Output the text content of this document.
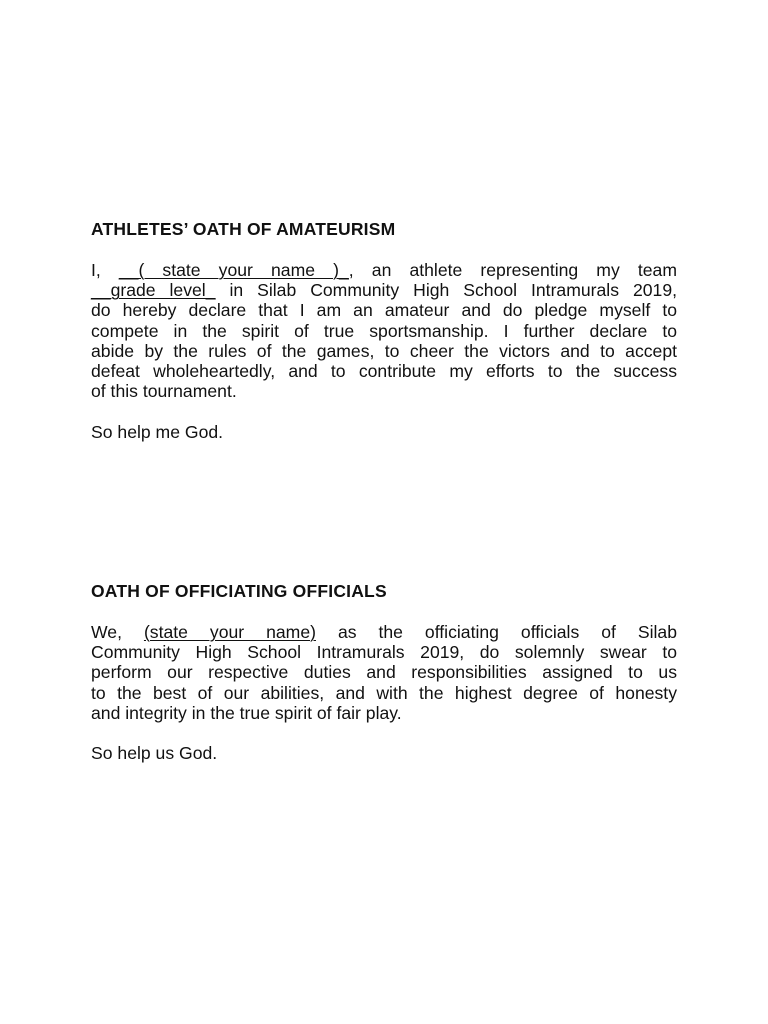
ATHLETES’ OATH OF AMATEURISM

I, __( state your name )_, an athlete representing my team
__grade level_ in Silab Community High School Intramurals 2019,
do hereby declare that I am an amateur and do pledge myself to
compete in the spirit of true sportsmanship. I further declare to
abide by the rules of the games, to cheer the victors and to accept
defeat wholeheartedly, and to contribute my efforts to the success
of this tournament.

So help me God.

OATH OF OFFICIATING OFFICIALS

We, (state your name) as the officiating officials of Silab
Community High School Intramurals 2019, do solemnly swear to
perform our respective duties and responsibilities assigned to us
to the best of our abilities, and with the highest degree of honesty
and integrity in the true spirit of fair play.

So help us God.
